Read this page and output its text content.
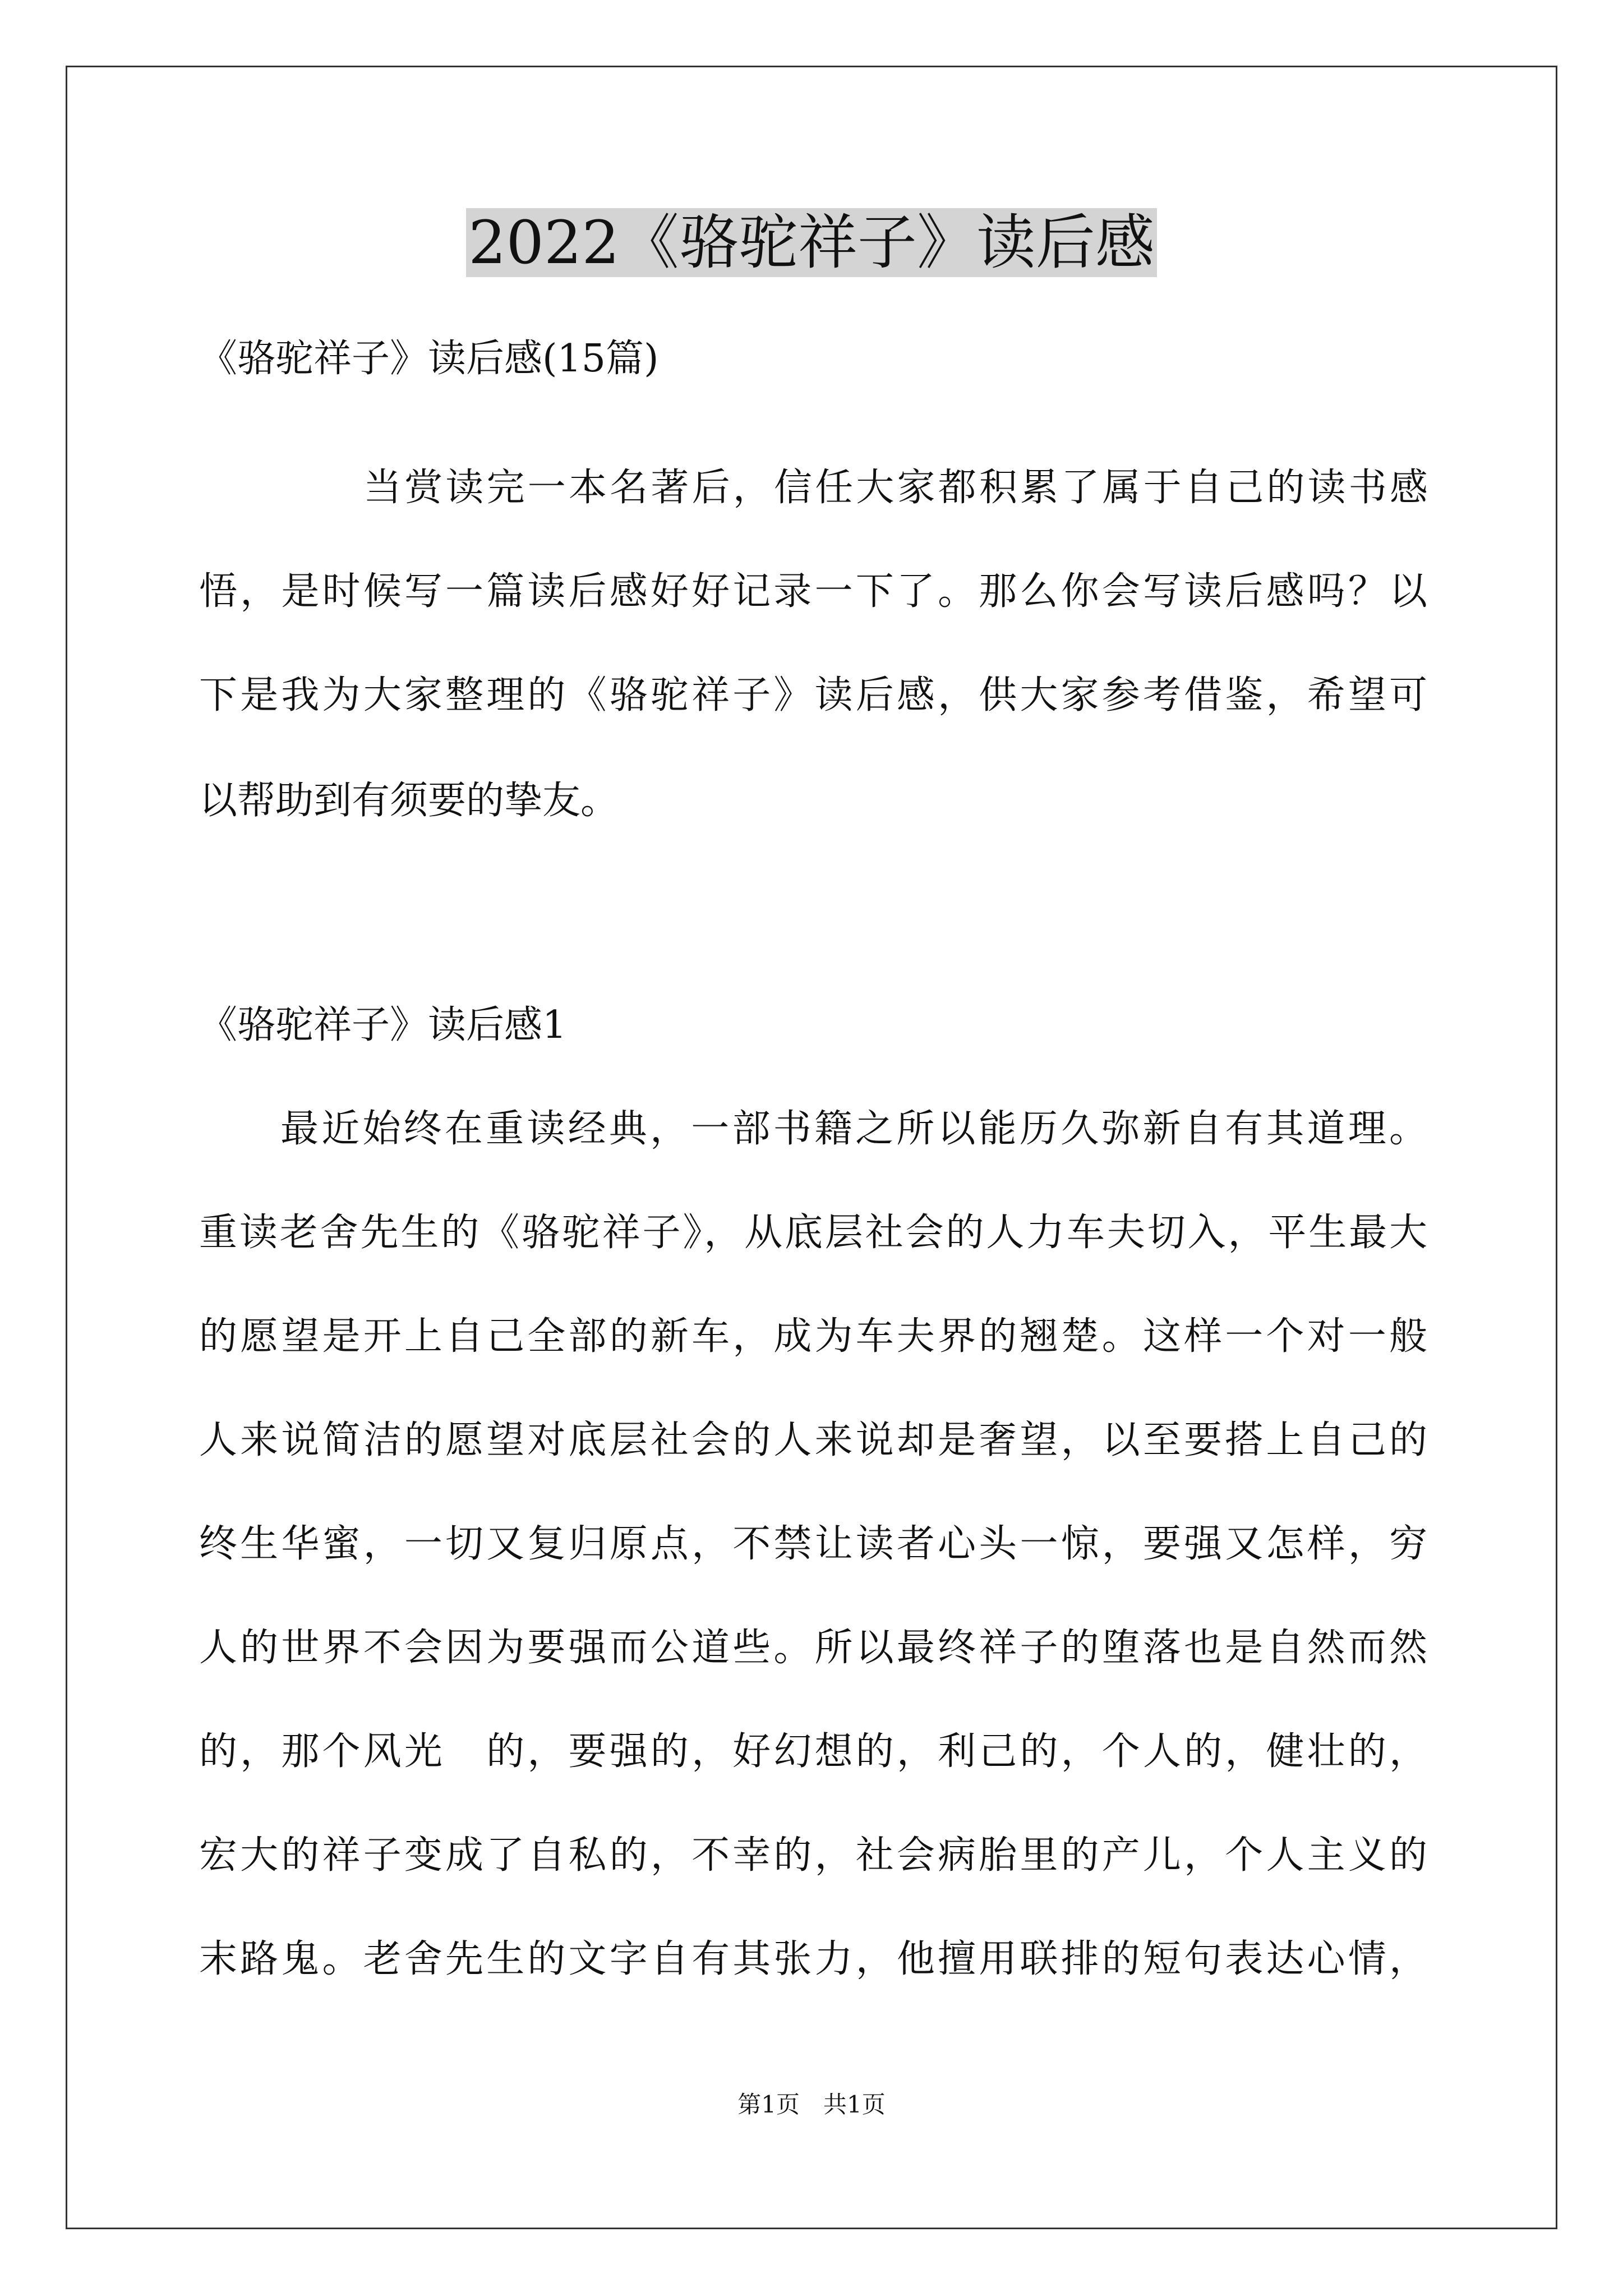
2022《骆驼祥子》读后感
《骆驼祥子》读后感(15篇)
当赏读完一本名著后，信任大家都积累了属于自己的读书感
悟，是时候写一篇读后感好好记录一下了。那么你会写读后感吗？以
下是我为大家整理的《骆驼祥子》读后感，供大家参考借鉴，希望可
以帮助到有须要的挚友。
《骆驼祥子》读后感1
最近始终在重读经典，一部书籍之所以能历久弥新自有其道理。
重读老舍先生的《骆驼祥子》，从底层社会的人力车夫切入，平生最大
的愿望是开上自己全部的新车，成为车夫界的翘楚。这样一个对一般
人来说简洁的愿望对底层社会的人来说却是奢望，以至要搭上自己的
终生华蜜，一切又复归原点，不禁让读者心头一惊，要强又怎样，穷
人的世界不会因为要强而公道些。所以最终祥子的堕落也是自然而然
的，那个风光　的，要强的，好幻想的，利己的，个人的，健壮的，
宏大的祥子变成了自私的，不幸的，社会病胎里的产儿，个人主义的
末路鬼。老舍先生的文字自有其张力，他擅用联排的短句表达心情，
第1页　共1页
